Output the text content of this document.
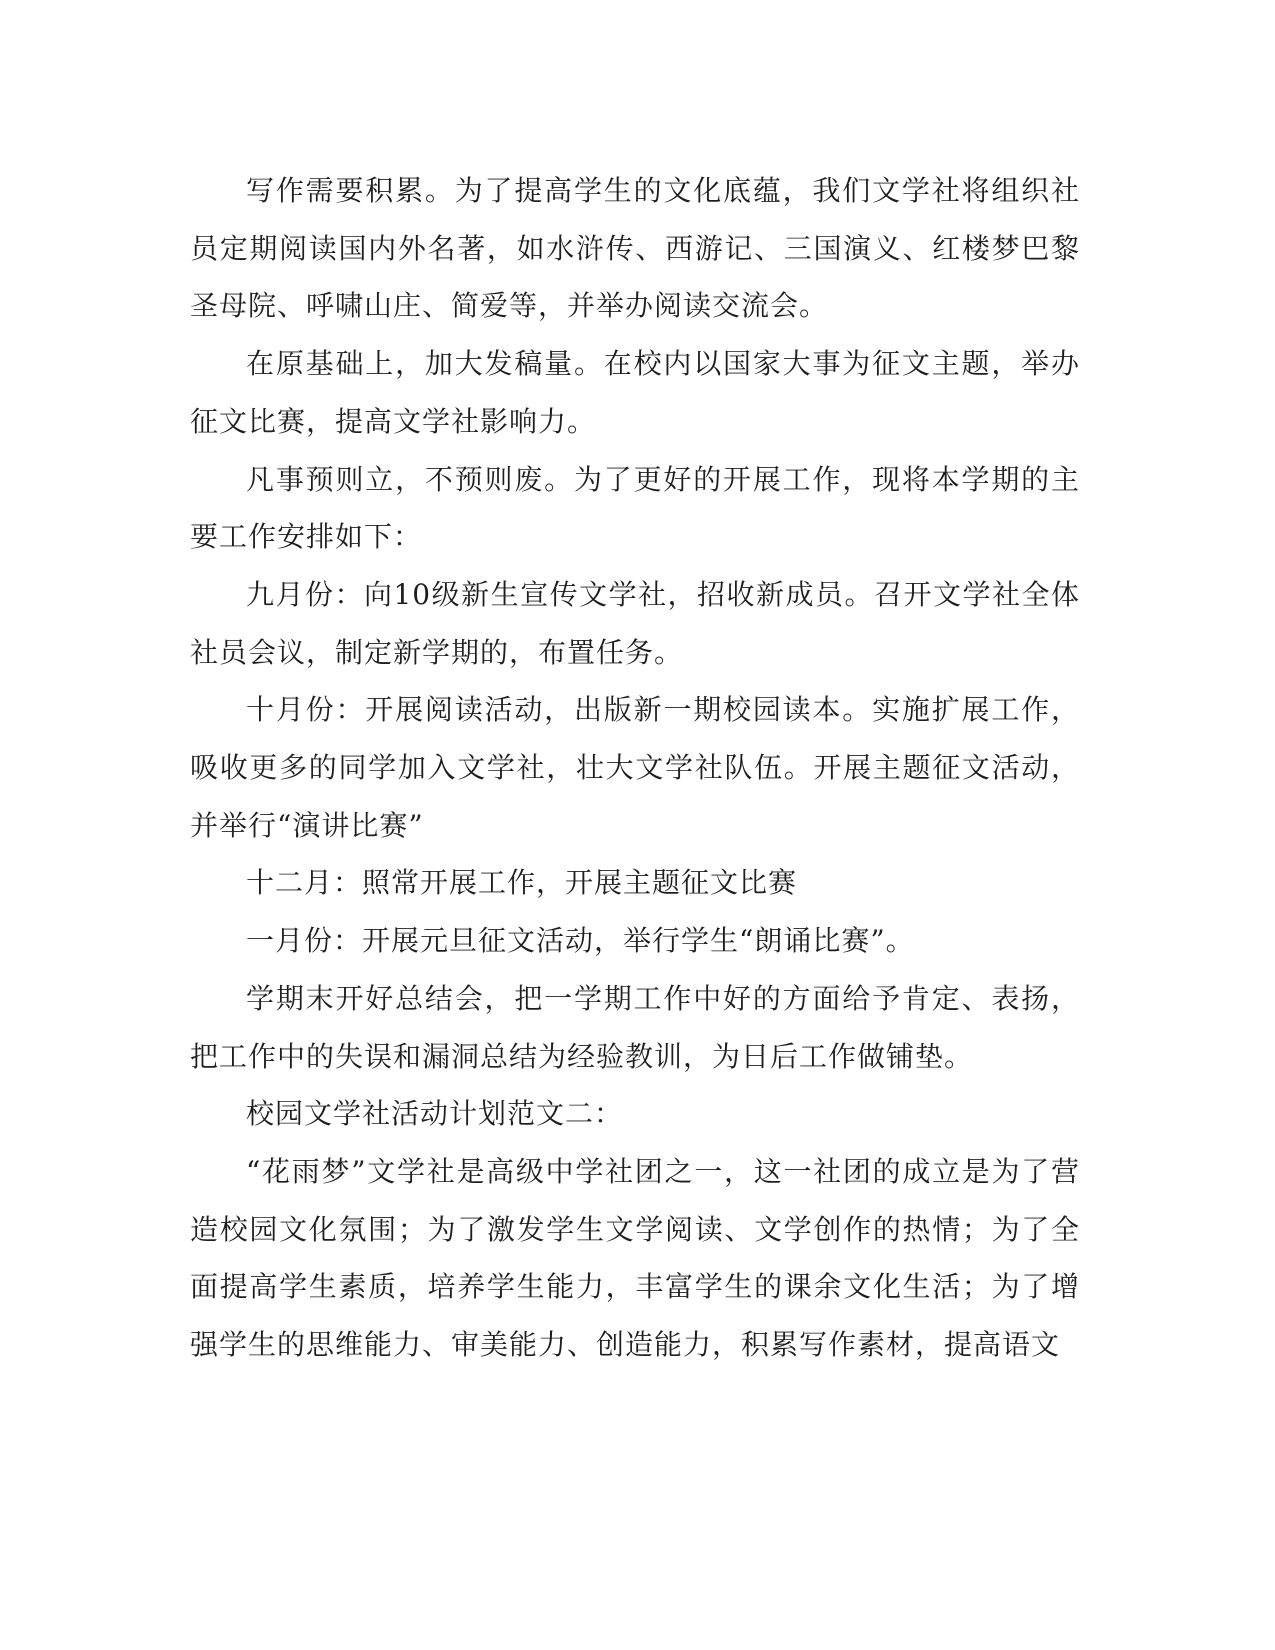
写作需要积累。为了提高学生的文化底蕴，我们文学社将组织社员定期阅读国内外名著，如水浒传、西游记、三国演义、红楼梦巴黎圣母院、呼啸山庄、简爱等，并举办阅读交流会。

在原基础上，加大发稿量。在校内以国家大事为征文主题，举办征文比赛，提高文学社影响力。

凡事预则立，不预则废。为了更好的开展工作，现将本学期的主要工作安排如下：

九月份：向10级新生宣传文学社，招收新成员。召开文学社全体社员会议，制定新学期的，布置任务。

十月份：开展阅读活动，出版新一期校园读本。实施扩展工作，吸收更多的同学加入文学社，壮大文学社队伍。开展主题征文活动，并举行“演讲比赛”

十二月：照常开展工作，开展主题征文比赛

一月份：开展元旦征文活动，举行学生“朗诵比赛”。

学期末开好总结会，把一学期工作中好的方面给予肯定、表扬，把工作中的失误和漏洞总结为经验教训，为日后工作做铺垫。

校园文学社活动计划范文二：

“花雨梦”文学社是高级中学社团之一，这一社团的成立是为了营造校园文化氛围；为了激发学生文学阅读、文学创作的热情；为了全面提高学生素质，培养学生能力，丰富学生的课余文化生活；为了增强学生的思维能力、审美能力、创造能力，积累写作素材，提高语文
